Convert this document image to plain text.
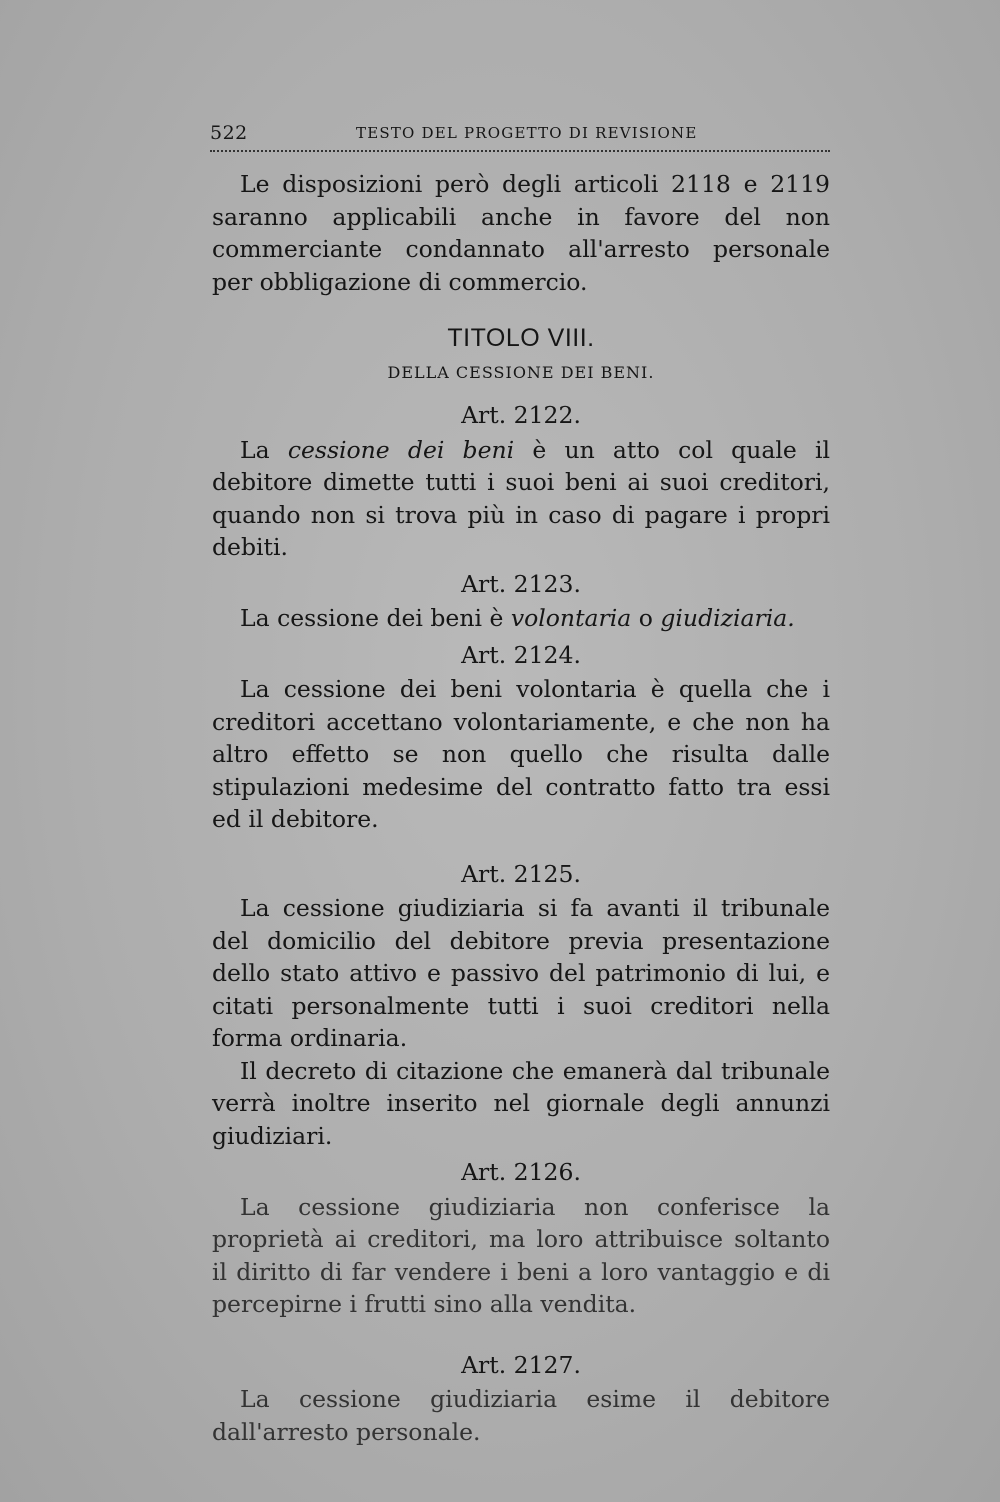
522	TESTO DEL PROGETTO DI REVISIONE

Le disposizioni però degli articoli 2118 e 2119 saranno applicabili anche in favore del non commerciante condannato all'arresto personale per obbligazione di commercio.

TITOLO VIII.
DELLA CESSIONE DEI BENI.
Art. 2122.

La cessione dei beni è un atto col quale il debitore dimette tutti i suoi beni ai suoi creditori, quando non si trova più in caso di pagare i propri debiti.

Art. 2123.

La cessione dei beni è volontaria o giudiziaria.

Art. 2124.

La cessione dei beni volontaria è quella che i creditori accettano volontariamente, e che non ha altro effetto se non quello che risulta dalle stipulazioni medesime del contratto fatto tra essi ed il debitore.

Art. 2125.

La cessione giudiziaria si fa avanti il tribunale del domicilio del debitore previa presentazione dello stato attivo e passivo del patrimonio di lui, e citati personalmente tutti i suoi creditori nella forma ordinaria.

Il decreto di citazione che emanerà dal tribunale verrà inoltre inserito nel giornale degli annunzi giudiziari.

Art. 2126.

La cessione giudiziaria non conferisce la proprietà ai creditori, ma loro attribuisce soltanto il diritto di far vendere i beni a loro vantaggio e di percepirne i frutti sino alla vendita.

Art. 2127.

La cessione giudiziaria esime il debitore dall'arresto personale.
